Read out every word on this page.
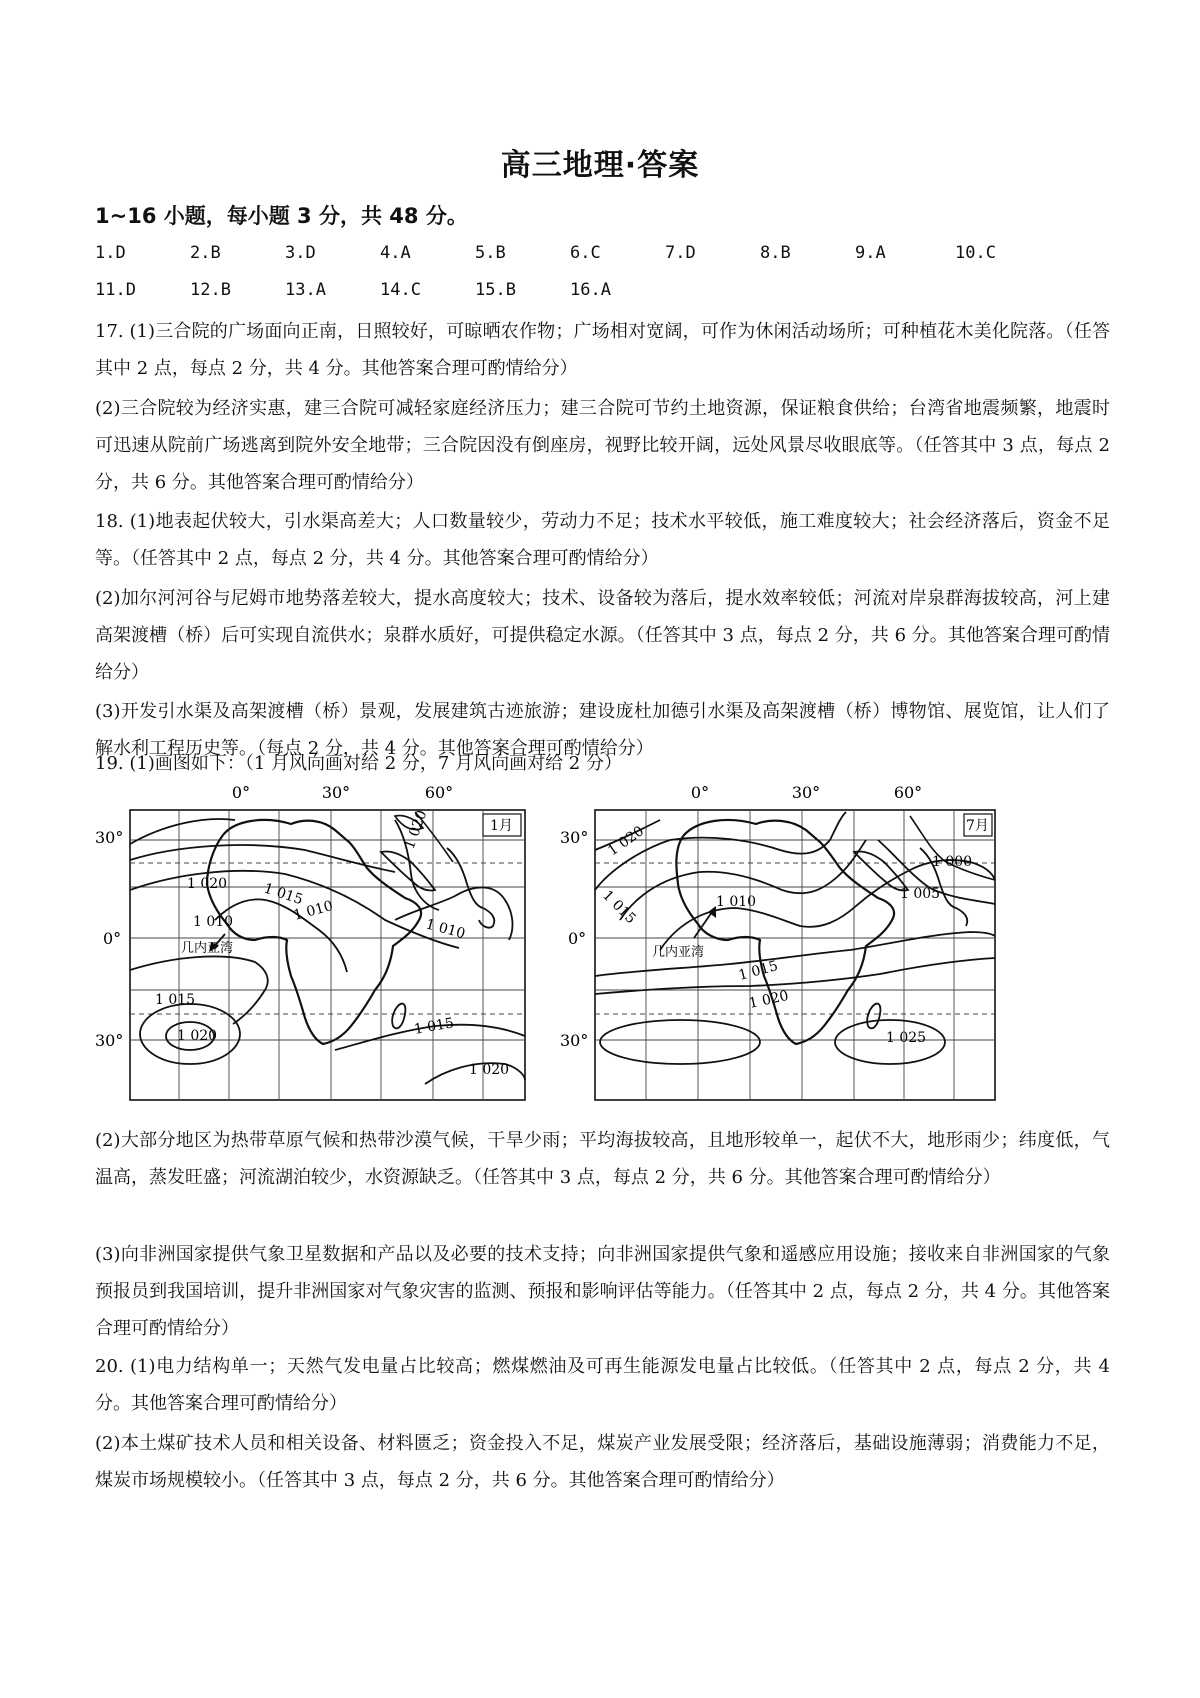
高三地理·答案
1~16 小题，每小题 3 分，共 48 分。
1.D	2.B	3.D	4.A	5.B	6.C	7.D	8.B	9.A	10.C
11.D	12.B	13.A	14.C	15.B	16.A
17. (1)三合院的广场面向正南，日照较好，可晾晒农作物；广场相对宽阔，可作为休闲活动场所；可种植花木美化院落。（任答其中 2 点，每点 2 分，共 4 分。其他答案合理可酌情给分）
(2)三合院较为经济实惠，建三合院可减轻家庭经济压力；建三合院可节约土地资源，保证粮食供给；台湾省地震频繁，地震时可迅速从院前广场逃离到院外安全地带；三合院因没有倒座房，视野比较开阔，远处风景尽收眼底等。（任答其中 3 点，每点 2 分，共 6 分。其他答案合理可酌情给分）
18. (1)地表起伏较大，引水渠高差大；人口数量较少，劳动力不足；技术水平较低，施工难度较大；社会经济落后，资金不足等。（任答其中 2 点，每点 2 分，共 4 分。其他答案合理可酌情给分）
(2)加尔河河谷与尼姆市地势落差较大，提水高度较大；技术、设备较为落后，提水效率较低；河流对岸泉群海拔较高，河上建高架渡槽（桥）后可实现自流供水；泉群水质好，可提供稳定水源。（任答其中 3 点，每点 2 分，共 6 分。其他答案合理可酌情给分）
(3)开发引水渠及高架渡槽（桥）景观，发展建筑古迹旅游；建设庞杜加德引水渠及高架渡槽（桥）博物馆、展览馆，让人们了解水利工程历史等。（每点 2 分，共 4 分。其他答案合理可酌情给分）
19. (1)画图如下：（1 月风向画对给 2 分，7 月风向画对给 2 分）
0°	30°	60°
30°
0°
30°
1月
1 020
1 020 1 015
1 010
1 010	1 010
1 015
1 020	1 015
1 020
几内亚湾
0°	30°	60°
30°
0°
30°
7月
1 020
1 015	1 010
1 000
1 005
1 015
1 020
1 025
几内亚湾
(2)大部分地区为热带草原气候和热带沙漠气候，干旱少雨；平均海拔较高，且地形较单一，起伏不大，地形雨少；纬度低，气温高，蒸发旺盛；河流湖泊较少，水资源缺乏。（任答其中 3 点，每点 2 分，共 6 分。其他答案合理可酌情给分）
(3)向非洲国家提供气象卫星数据和产品以及必要的技术支持；向非洲国家提供气象和遥感应用设施；接收来自非洲国家的气象预报员到我国培训，提升非洲国家对气象灾害的监测、预报和影响评估等能力。（任答其中 2 点，每点 2 分，共 4 分。其他答案合理可酌情给分）
20. (1)电力结构单一；天然气发电量占比较高；燃煤燃油及可再生能源发电量占比较低。（任答其中 2 点，每点 2 分，共 4 分。其他答案合理可酌情给分）
(2)本土煤矿技术人员和相关设备、材料匮乏；资金投入不足，煤炭产业发展受限；经济落后，基础设施薄弱；消费能力不足，煤炭市场规模较小。（任答其中 3 点，每点 2 分，共 6 分。其他答案合理可酌情给分）
